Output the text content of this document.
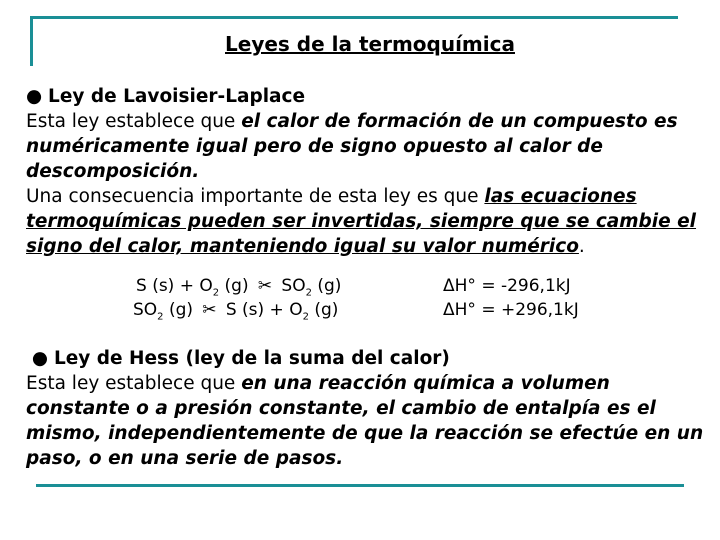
Leyes de la termoquímica
● Ley de Lavoisier-Laplace
Esta ley establece que el calor de formación de un compuesto es numéricamente igual pero de signo opuesto al calor de descomposición.
Una consecuencia importante de esta ley es que las ecuaciones termoquímicas pueden ser invertidas, siempre que se cambie el signo del calor, manteniendo igual su valor numérico.
S $(s) + O_2$ (g) ✂ $SO_2$ (g)	ΔH° = -296,1kJ
$SO_2$ (g) ✂ S $(s) + O_2$ (g)	ΔH° = +296,1kJ
● Ley de Hess (ley de la suma del calor)
Esta ley establece que en una reacción química a volumen constante o a presión constante, el cambio de entalpía es el mismo, independientemente de que la reacción se efectúe en un paso, o en una serie de pasos.
